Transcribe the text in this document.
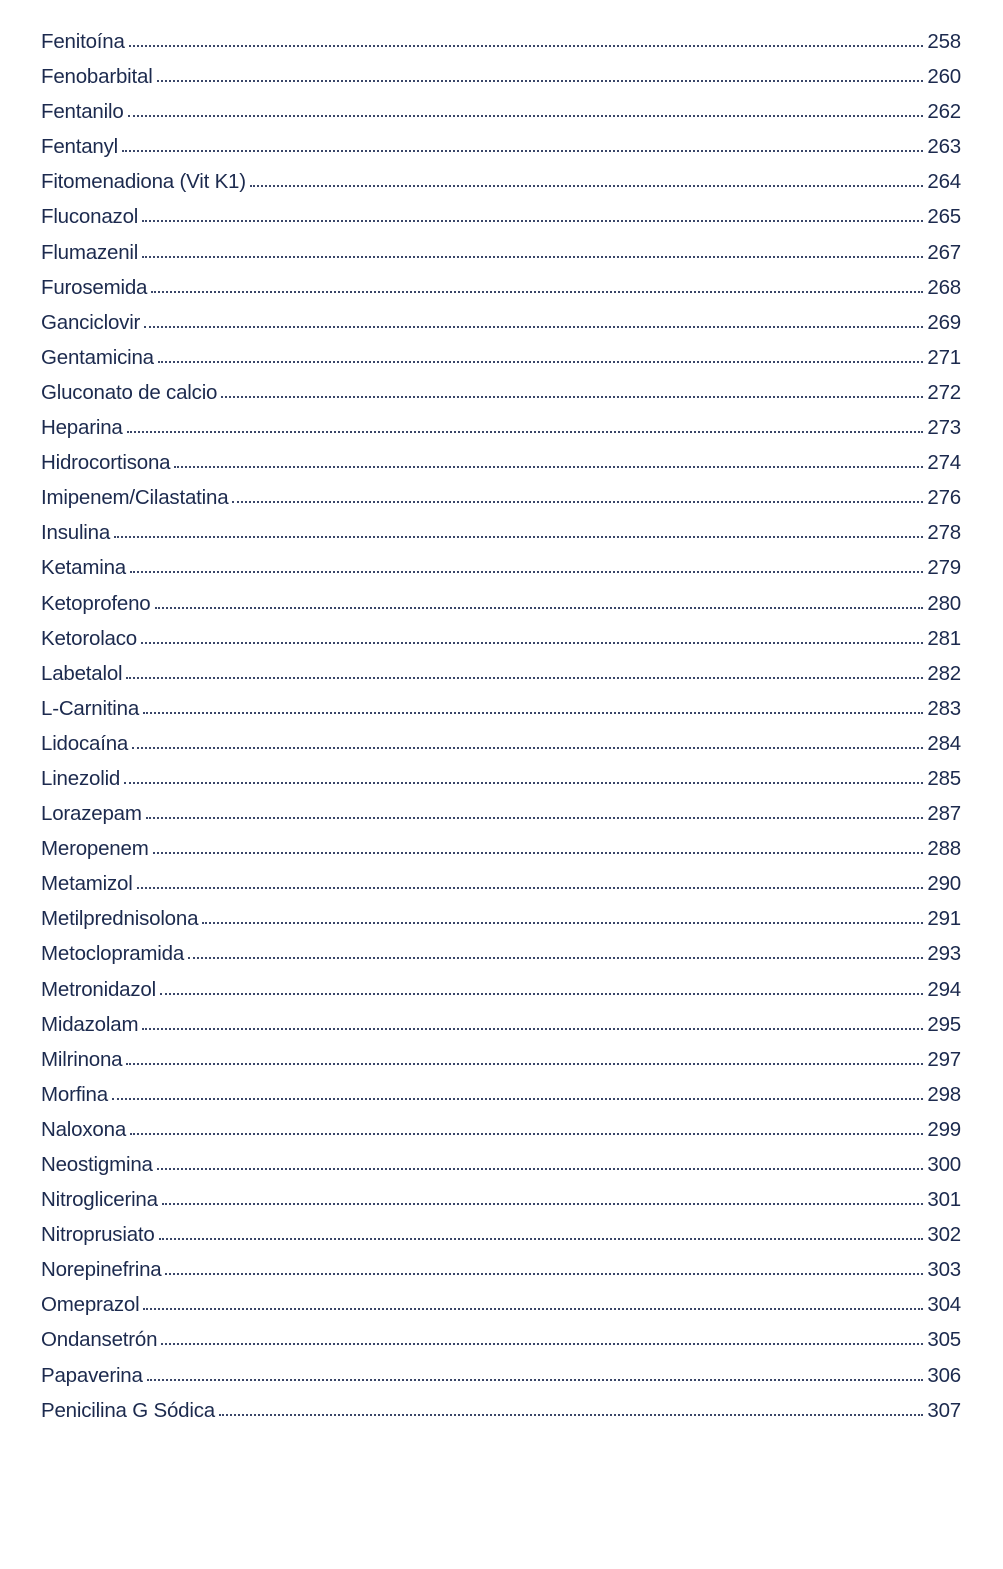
Fenitoína	258
Fenobarbital	260
Fentanilo	262
Fentanyl	263
Fitomenadiona (Vit K1)	264
Fluconazol	265
Flumazenil	267
Furosemida	268
Ganciclovir	269
Gentamicina	271
Gluconato de calcio	272
Heparina	273
Hidrocortisona	274
Imipenem/Cilastatina	276
Insulina	278
Ketamina	279
Ketoprofeno	280
Ketorolaco	281
Labetalol	282
L-Carnitina	283
Lidocaína	284
Linezolid	285
Lorazepam	287
Meropenem	288
Metamizol	290
Metilprednisolona	291
Metoclopramida	293
Metronidazol	294
Midazolam	295
Milrinona	297
Morfina	298
Naloxona	299
Neostigmina	300
Nitroglicerina	301
Nitroprusiato	302
Norepinefrina	303
Omeprazol	304
Ondansetrón	305
Papaverina	306
Penicilina G Sódica	307
